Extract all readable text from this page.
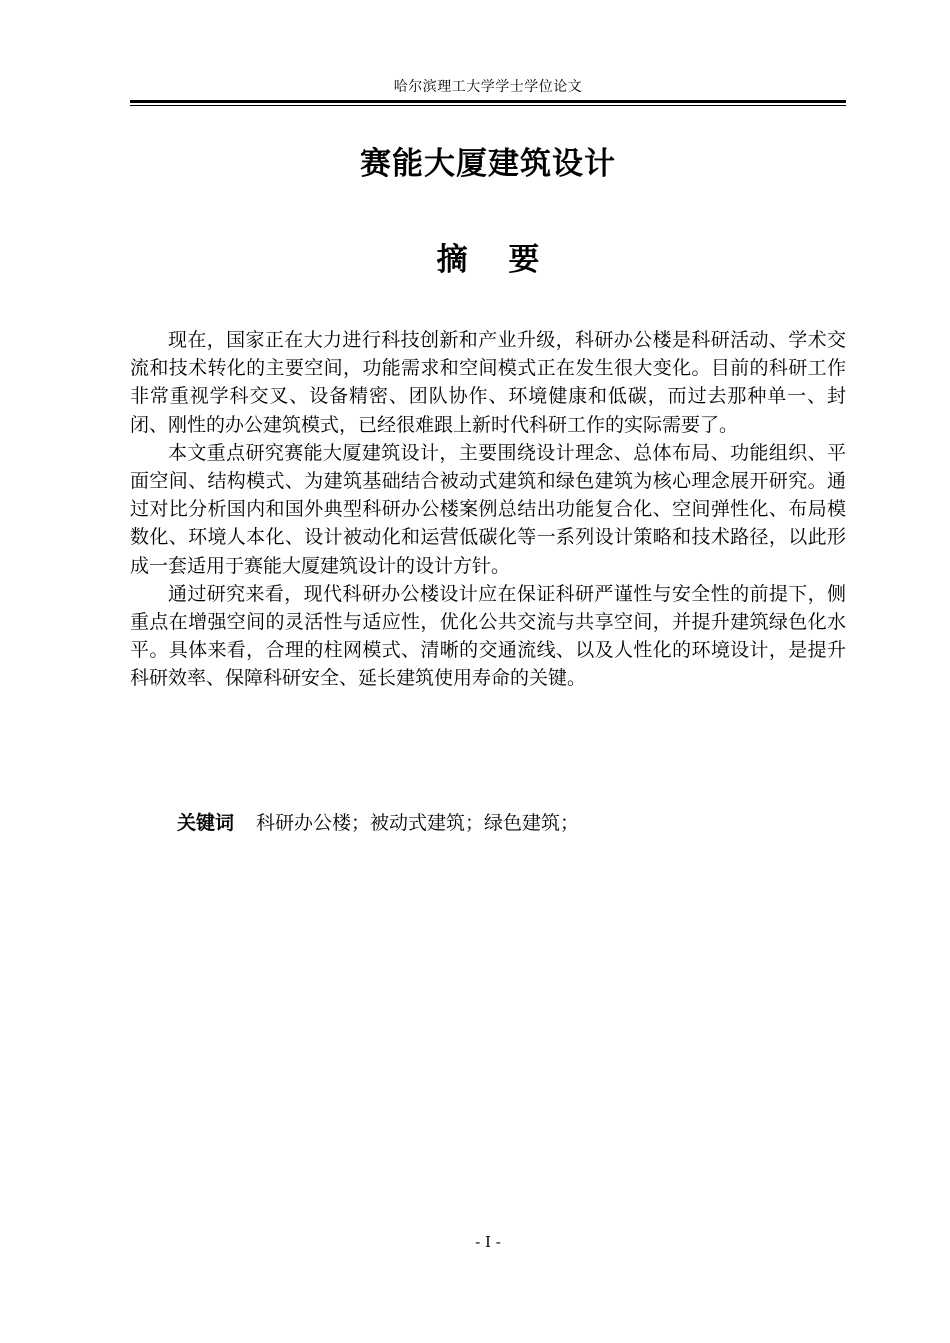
哈尔滨理工大学学士学位论文
赛能大厦建筑设计
摘 要

现在，国家正在大力进行科技创新和产业升级，科研办公楼是科研活动、学术交流和技术转化的主要空间，功能需求和空间模式正在发生很大变化。目前的科研工作非常重视学科交叉、设备精密、团队协作、环境健康和低碳，而过去那种单一、封闭、刚性的办公建筑模式，已经很难跟上新时代科研工作的实际需要了。

本文重点研究赛能大厦建筑设计，主要围绕设计理念、总体布局、功能组织、平面空间、结构模式、为建筑基础结合被动式建筑和绿色建筑为核心理念展开研究。通过对比分析国内和国外典型科研办公楼案例总结出功能复合化、空间弹性化、布局模数化、环境人本化、设计被动化和运营低碳化等一系列设计策略和技术路径，以此形成一套适用于赛能大厦建筑设计的设计方针。

通过研究来看，现代科研办公楼设计应在保证科研严谨性与安全性的前提下，侧重点在增强空间的灵活性与适应性，优化公共交流与共享空间，并提升建筑绿色化水平。具体来看，合理的柱网模式、清晰的交通流线、以及人性化的环境设计，是提升科研效率、保障科研安全、延长建筑使用寿命的关键。

关键词 科研办公楼；被动式建筑；绿色建筑；
- I -
